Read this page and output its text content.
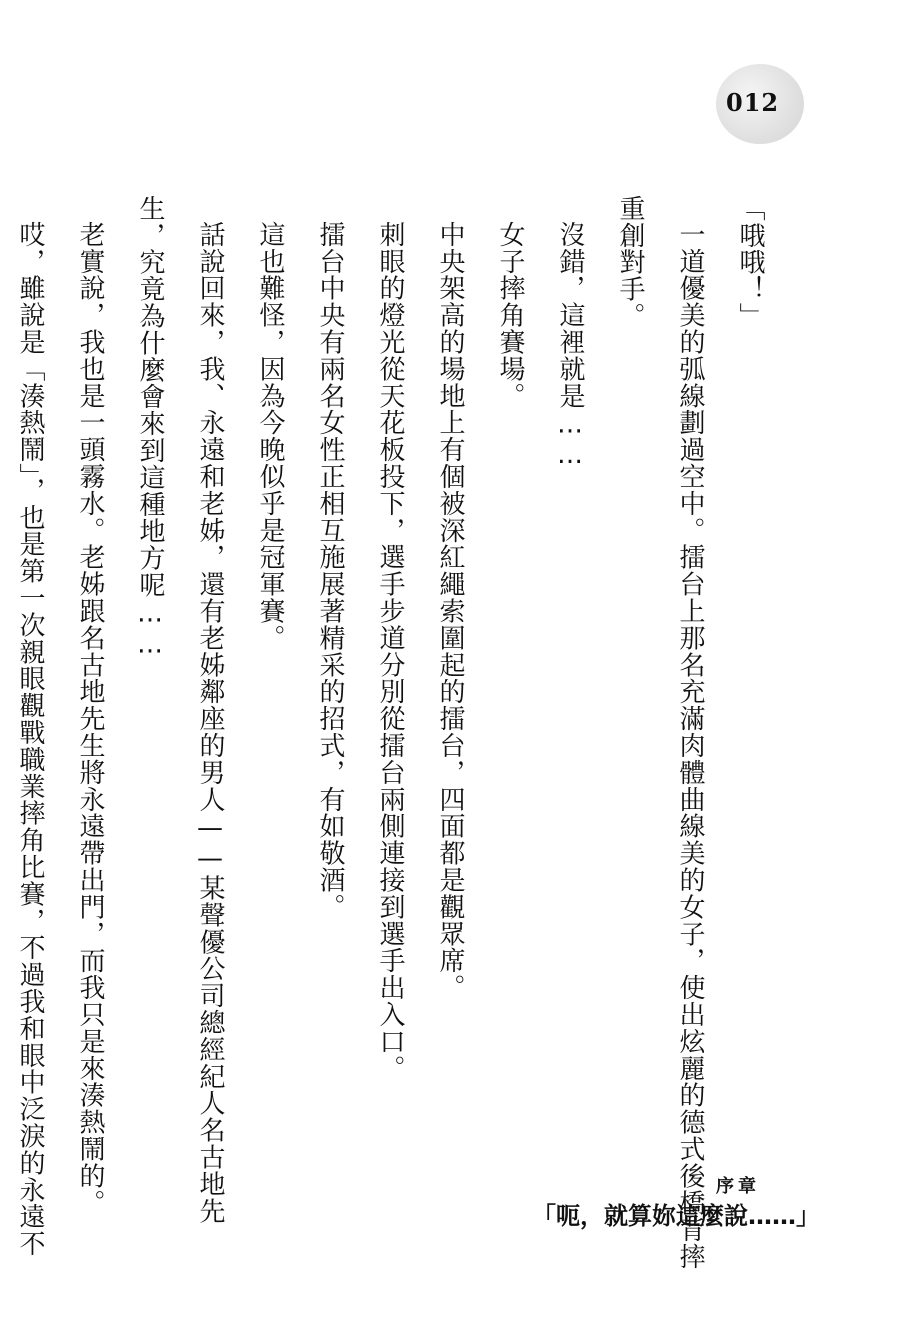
012

「哦哦！」

一道優美的弧線劃過空中。擂台上那名充滿肉體曲線美的女子，使出炫麗的德式後橋背摔重創對手。

沒錯，這裡就是……

女子摔角賽場。

中央架高的場地上有個被深紅繩索圍起的擂台，四面都是觀眾席。

刺眼的燈光從天花板投下，選手步道分別從擂台兩側連接到選手出入口。

擂台中央有兩名女性正相互施展著精采的招式，有如敬酒。

這也難怪，因為今晚似乎是冠軍賽。

話說回來，我、永遠和老姊，還有老姊鄰座的男人——某聲優公司總經紀人名古地先生，究竟為什麼會來到這種地方呢……

老實說，我也是一頭霧水。老姊跟名古地先生將永遠帶出門，而我只是來湊熱鬧的。

哎，雖說是「湊熱鬧」，也是第一次親眼觀戰職業摔角比賽，不過我和眼中泛淚的永遠不

序章
「呃，就算妳這麼說……」
